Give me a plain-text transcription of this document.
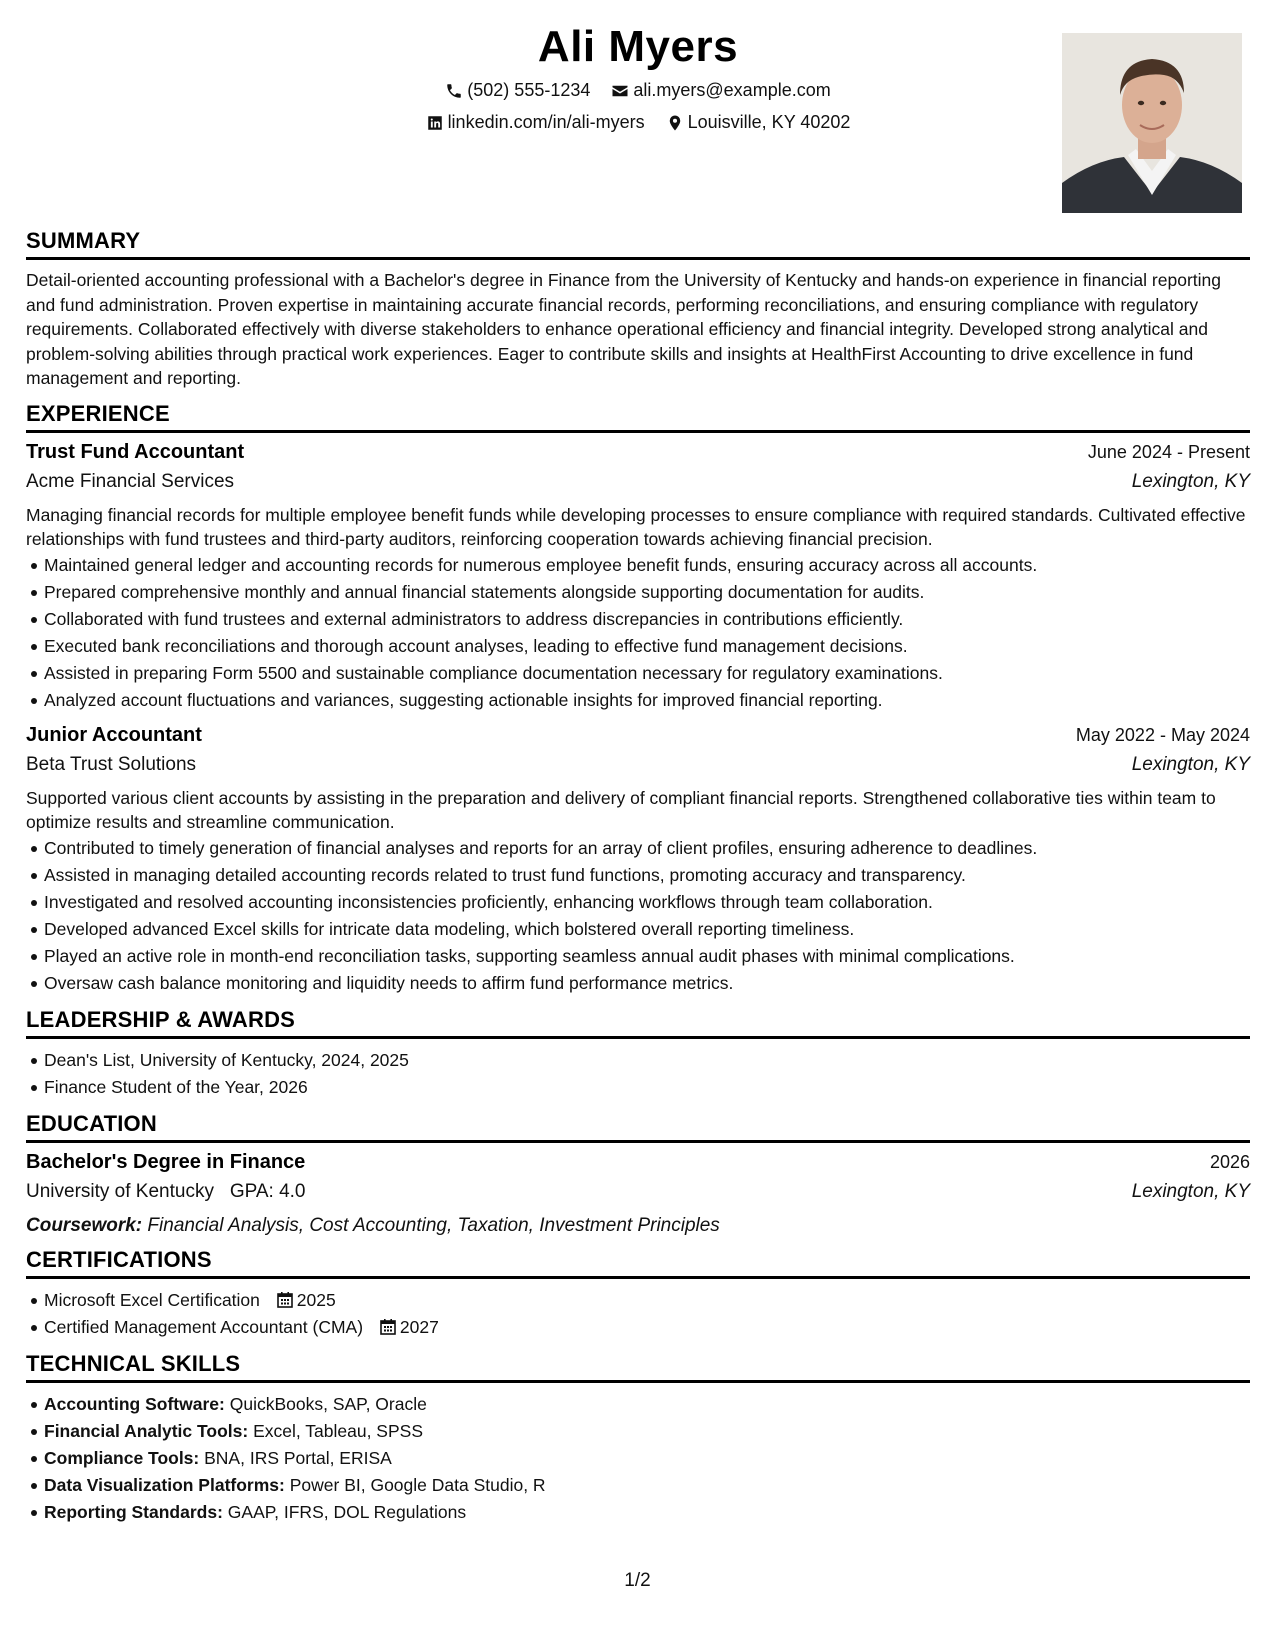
Ali Myers
(502) 555-1234
ali.myers@example.com
linkedin.com/in/ali-myers
Louisville, KY 40202
SUMMARY

Detail-oriented accounting professional with a Bachelor's degree in Finance from the University of Kentucky and hands-on experience in financial reporting and fund administration. Proven expertise in maintaining accurate financial records, performing reconciliations, and ensuring compliance with regulatory requirements. Collaborated effectively with diverse stakeholders to enhance operational efficiency and financial integrity. Developed strong analytical and problem-solving abilities through practical work experiences. Eager to contribute skills and insights at HealthFirst Accounting to drive excellence in fund management and reporting.

EXPERIENCE
Trust Fund Accountant	June 2024 - Present
Acme Financial Services	Lexington, KY

Managing financial records for multiple employee benefit funds while developing processes to ensure compliance with required standards. Cultivated effective relationships with fund trustees and third-party auditors, reinforcing cooperation towards achieving financial precision.

Maintained general ledger and accounting records for numerous employee benefit funds, ensuring accuracy across all accounts.
Prepared comprehensive monthly and annual financial statements alongside supporting documentation for audits.
Collaborated with fund trustees and external administrators to address discrepancies in contributions efficiently.
Executed bank reconciliations and thorough account analyses, leading to effective fund management decisions.
Assisted in preparing Form 5500 and sustainable compliance documentation necessary for regulatory examinations.
Analyzed account fluctuations and variances, suggesting actionable insights for improved financial reporting.
Junior Accountant	May 2022 - May 2024
Beta Trust Solutions	Lexington, KY

Supported various client accounts by assisting in the preparation and delivery of compliant financial reports. Strengthened collaborative ties within team to optimize results and streamline communication.

Contributed to timely generation of financial analyses and reports for an array of client profiles, ensuring adherence to deadlines.
Assisted in managing detailed accounting records related to trust fund functions, promoting accuracy and transparency.
Investigated and resolved accounting inconsistencies proficiently, enhancing workflows through team collaboration.
Developed advanced Excel skills for intricate data modeling, which bolstered overall reporting timeliness.
Played an active role in month-end reconciliation tasks, supporting seamless annual audit phases with minimal complications.
Oversaw cash balance monitoring and liquidity needs to affirm fund performance metrics.
LEADERSHIP & AWARDS
Dean's List, University of Kentucky, 2024, 2025
Finance Student of the Year, 2026
EDUCATION
Bachelor's Degree in Finance	2026
University of Kentucky GPA: 4.0	Lexington, KY
Coursework: Financial Analysis, Cost Accounting, Taxation, Investment Principles
CERTIFICATIONS
Microsoft Excel Certification 2025
Certified Management Accountant (CMA) 2027
TECHNICAL SKILLS
Accounting Software: QuickBooks, SAP, Oracle
Financial Analytic Tools: Excel, Tableau, SPSS
Compliance Tools: BNA, IRS Portal, ERISA
Data Visualization Platforms: Power BI, Google Data Studio, R
Reporting Standards: GAAP, IFRS, DOL Regulations
1/2
